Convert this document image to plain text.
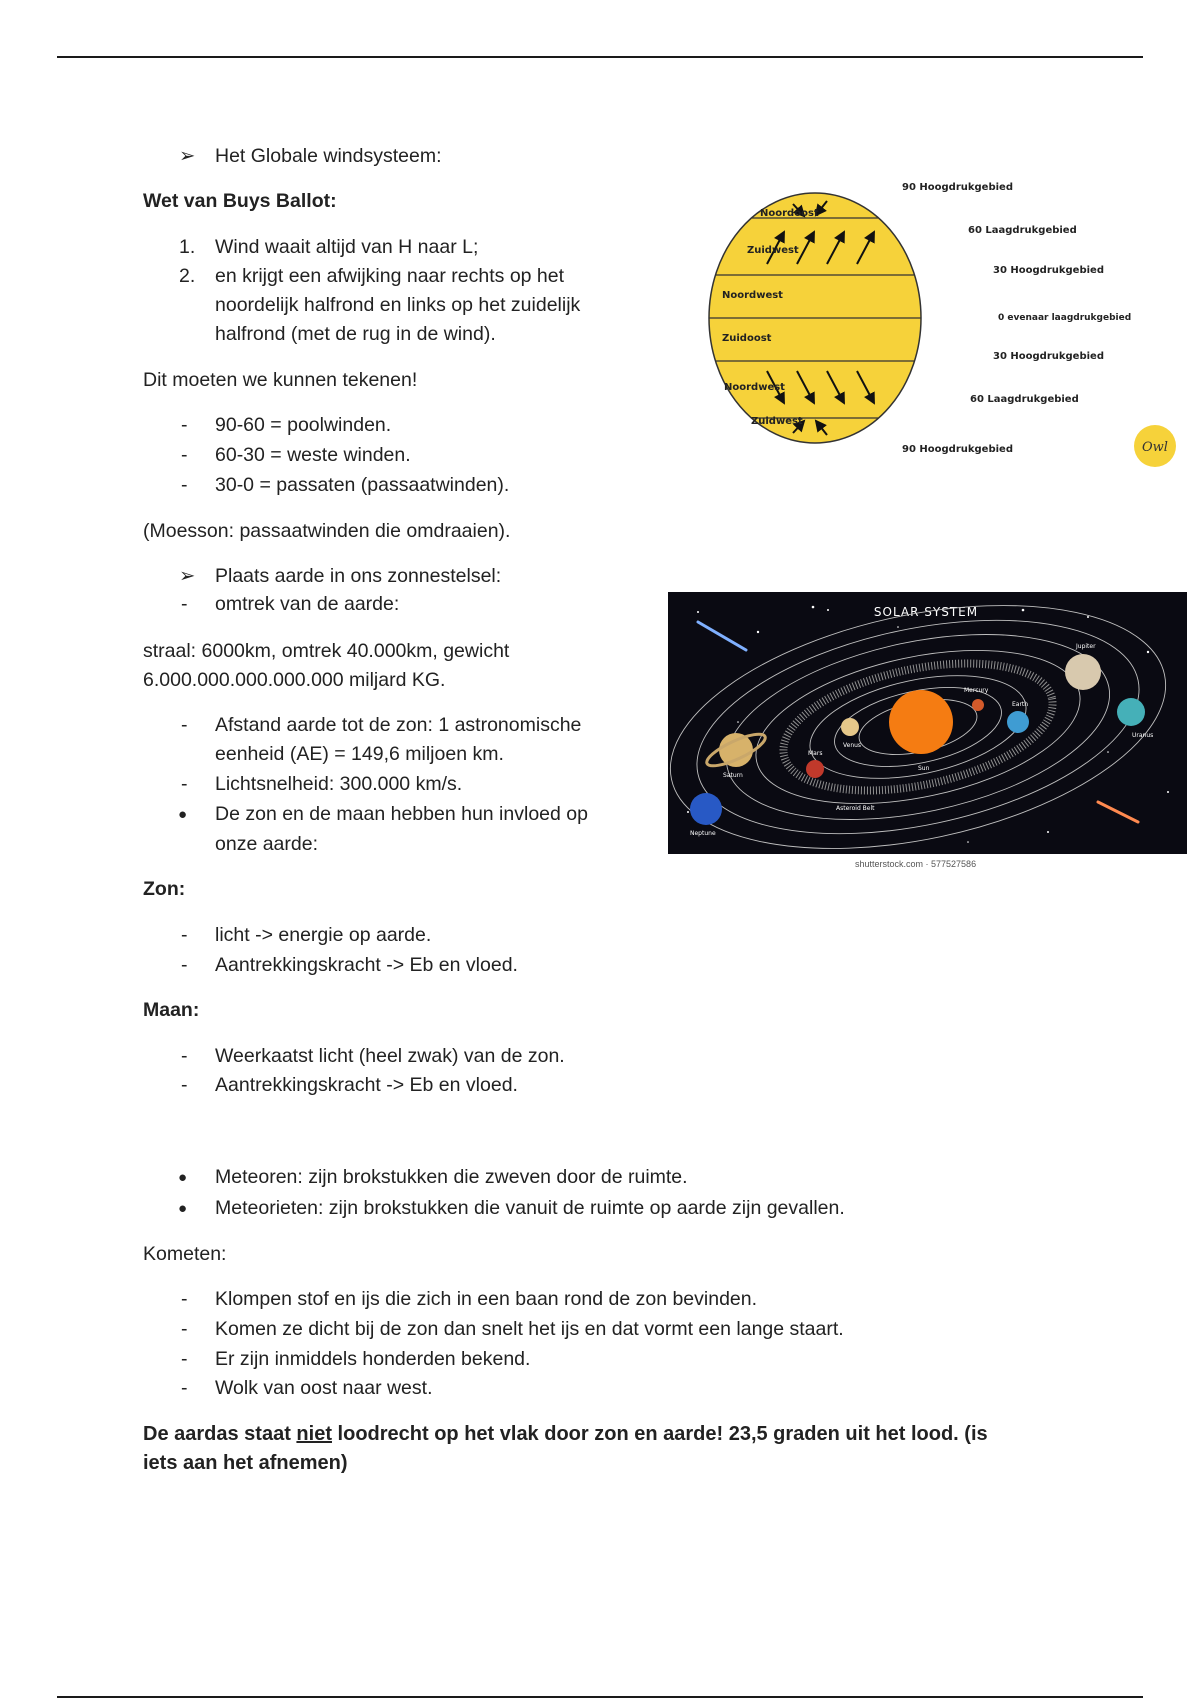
➢ Het Globale windsysteem:
Wet van Buys Ballot:
1. Wind waait altijd van H naar L;
2. en krijgt een afwijking naar rechts op het
noordelijk halfrond en links op het zuidelijk
halfrond (met de rug in de wind).
Dit moeten we kunnen tekenen!
- 90-60 = poolwinden.
- 60-30 = weste winden.
- 30-0 = passaten (passaatwinden).
(Moesson: passaatwinden die omdraaien).
➢ Plaats aarde in ons zonnestelsel:
- omtrek van de aarde:
straal: 6000km, omtrek 40.000km, gewicht
6.000.000.000.000.000 miljard KG.
- Afstand aarde tot de zon: 1 astronomische
eenheid (AE) = 149,6 miljoen km.
- Lichtsnelheid: 300.000 km/s.
● De zon en de maan hebben hun invloed op
onze aarde:
Zon:
- licht -> energie op aarde.
- Aantrekkingskracht -> Eb en vloed.
Maan:
- Weerkaatst licht (heel zwak) van de zon.
- Aantrekkingskracht -> Eb en vloed.
● Meteoren: zijn brokstukken die zweven door de ruimte.
● Meteorieten: zijn brokstukken die vanuit de ruimte op aarde zijn gevallen.
Kometen:
- Klompen stof en ijs die zich in een baan rond de zon bevinden.
- Komen ze dicht bij de zon dan snelt het ijs en dat vormt een lange staart.
- Er zijn inmiddels honderden bekend.
- Wolk van oost naar west.
De aardas staat niet loodrecht op het vlak door zon en aarde! 23,5 graden uit het lood. (is
iets aan het afnemen)
Noordoost
Zuidwest
Noordwest
Zuidoost
Noordwest
Zuidwest
90 Hoogdrukgebied
60 Laagdrukgebied
30 Hoogdrukgebied
0 evenaar laagdrukgebied
30 Hoogdrukgebied
60 Laagdrukgebied
90 Hoogdrukgebied	Owl
SOLAR SYSTEM
Jupiter
Mercury
Earth
Uranus
Venus
Mars
Saturn
Sun
Asteroid Belt
Neptune
shutterstock.com · 577527586
